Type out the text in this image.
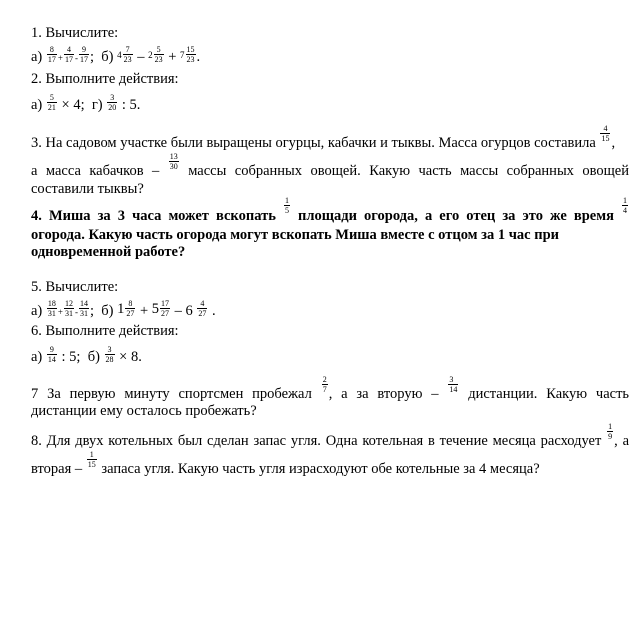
1. Вычислите:
$а) \frac{8}{17} + \frac{4}{17} - \frac{9}{17}$ ; б) $^4 \frac{7}{23} - ^2 \frac{5}{23} + ^7 \frac{15}{23}$ .
2. Выполните действия:
$а) \frac{5}{21} \times 4$; $г) \frac{3}{20}$ : 5.
3. На садовом участке были выращены огурцы, кабачки и тыквы. Масса огурцов составила $\frac{4}{15}$ ,
а масса кабачков – $\frac{13}{30}$ массы собранных овощей. Какую часть массы собранных овощей
составили тыквы?
4. Миша за 3 часа может вскопать
$\frac{1}{5}$
площади огорода, а его отец за это же время
$\frac{1}{4}$
огорода. Какую часть огорода могут вскопать Миша вместе с отцом за 1 час при
одновременной работе?
5. Вычислите:
$а) \frac{18}{31} + \frac{12}{31} - \frac{14}{31}$ ; б) $1 \frac{8}{27} + 5 \frac{17}{27} - 6 \frac{4}{27}$ .
6. Выполните действия:
$а) \frac{9}{14}$ : 5; $б) \frac{3}{28} \times 8$.
7 За первую минуту спортсмен пробежал $\frac{2}{7}$ , а за вторую – $\frac{3}{14}$ дистанции. Какую часть
дистанции ему осталось пробежать?
8. Для двух котельных был сделан запас угля. Одна котельная в течение месяца расходует $\frac{1}{9}$ , а
вторая – $\frac{1}{15}$ запаса угля. Какую часть угля израсходуют обе котельные за 4 месяца?
